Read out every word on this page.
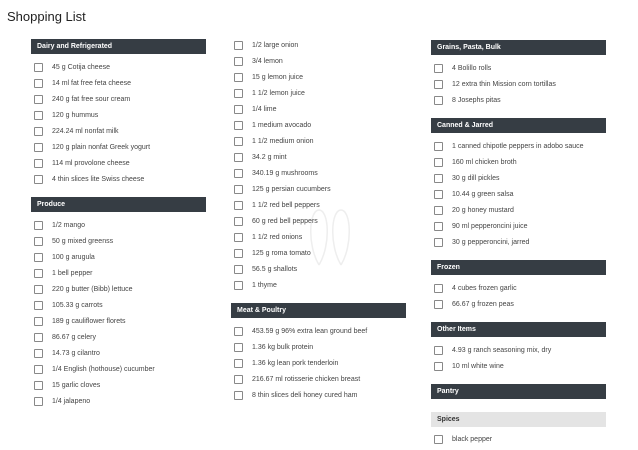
Shopping List
Dairy and Refrigerated
45 g Cotija cheese
14 ml fat free feta cheese
240 g fat free sour cream
120 g hummus
224.24 ml nonfat milk
120 g plain nonfat Greek yogurt
114 ml provolone cheese
4 thin slices lite Swiss cheese
Produce
1/2 mango
50 g mixed greenss
100 g arugula
1 bell pepper
220 g butter (Bibb) lettuce
105.33 g carrots
189 g cauliflower florets
86.67 g celery
14.73 g cilantro
1/4 English (hothouse) cucumber
15 garlic cloves
1/4 jalapeno
1/2 large onion
3/4 lemon
15 g lemon juice
1 1/2 lemon juice
1/4 lime
1 medium avocado
1 1/2 medium onion
34.2 g mint
340.19 g mushrooms
125 g persian cucumbers
1 1/2 red bell peppers
60 g red bell peppers
1 1/2 red onions
125 g roma tomato
56.5 g shallots
1 thyme
Meat & Poultry
453.59 g 96% extra lean ground beef
1.36 kg bulk protein
1.36 kg lean pork tenderloin
216.67 ml rotisserie chicken breast
8 thin slices deli honey cured ham
Grains, Pasta, Bulk
4 Bolillo rolls
12 extra thin Mission corn tortillas
8 Josephs pitas
Canned & Jarred
1 canned chipotle peppers in adobo sauce
160 ml chicken broth
30 g dill pickles
10.44 g green salsa
20 g honey mustard
90 ml pepperoncini juice
30 g pepperoncini, jarred
Frozen
4 cubes frozen garlic
66.67 g frozen peas
Other Items
4.93 g ranch seasoning mix, dry
10 ml white wine
Pantry
Spices
black pepper
